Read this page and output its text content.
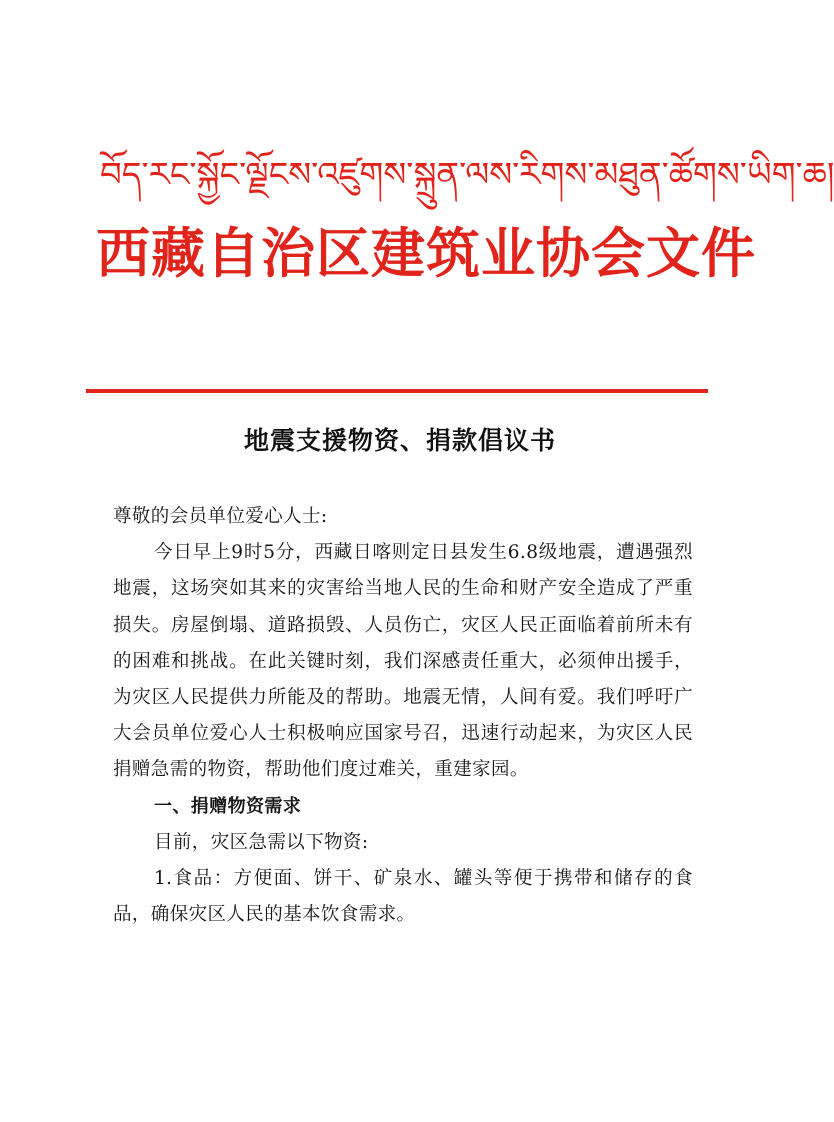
བོད་རང་སྐྱོང་ལྗོངས་འཛུགས་སྐྲུན་ལས་རིགས་མཐུན་ཚོགས་ཡིག་ཆ།
西藏自治区建筑业协会文件
地震支援物资、捐款倡议书

尊敬的会员单位爱心人士:

今日早上9时5分，西藏日喀则定日县发生6.8级地震，遭遇强烈地震，这场突如其来的灾害给当地人民的生命和财产安全造成了严重损失。房屋倒塌、道路损毁、人员伤亡，灾区人民正面临着前所未有的困难和挑战。在此关键时刻，我们深感责任重大，必须伸出援手，为灾区人民提供力所能及的帮助。地震无情，人间有爱。我们呼吁广大会员单位爱心人士积极响应国家号召，迅速行动起来，为灾区人民捐赠急需的物资，帮助他们度过难关，重建家园。

一、捐赠物资需求

目前，灾区急需以下物资:

1.食品：方便面、饼干、矿泉水、罐头等便于携带和储存的食品，确保灾区人民的基本饮食需求。
